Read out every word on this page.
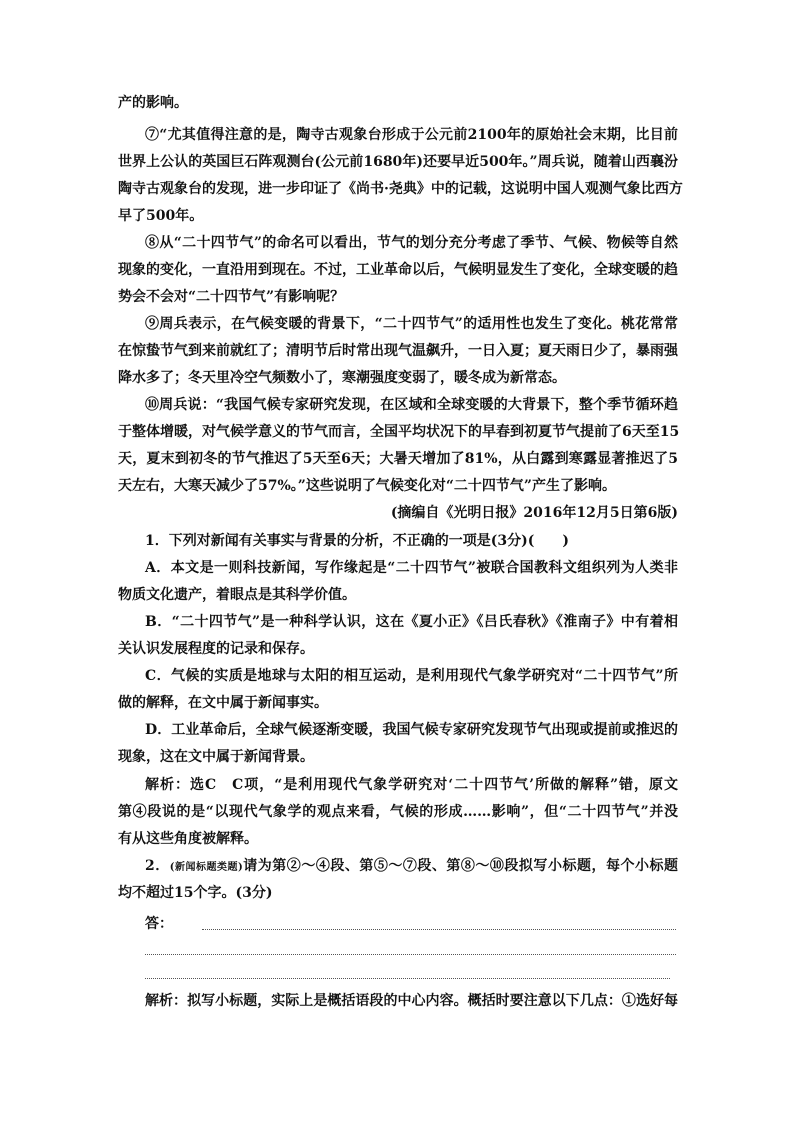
产的影响。
⑦“尤其值得注意的是，陶寺古观象台形成于公元前2100年的原始社会末期，比目前
世界上公认的英国巨石阵观测台(公元前1680年)还要早近500年。”周兵说，随着山西襄汾
陶寺古观象台的发现，进一步印证了《尚书·尧典》中的记载，这说明中国人观测气象比西方
早了500年。
⑧从“二十四节气”的命名可以看出，节气的划分充分考虑了季节、气候、物候等自然
现象的变化，一直沿用到现在。不过，工业革命以后，气候明显发生了变化，全球变暖的趋
势会不会对“二十四节气”有影响呢？
⑨周兵表示，在气候变暖的背景下，“二十四节气”的适用性也发生了变化。桃花常常
在惊蛰节气到来前就红了；清明节后时常出现气温飙升，一日入夏；夏天雨日少了，暴雨强
降水多了；冬天里冷空气频数小了，寒潮强度变弱了，暖冬成为新常态。
⑩周兵说：“我国气候专家研究发现，在区域和全球变暖的大背景下，整个季节循环趋
于整体增暖，对气候学意义的节气而言，全国平均状况下的早春到初夏节气提前了6天至15
天，夏末到初冬的节气推迟了5天至6天；大暑天增加了81%，从白露到寒露显著推迟了5
天左右，大寒天减少了57%。”这些说明了气候变化对“二十四节气”产生了影响。
1．下列对新闻有关事实与背景的分析，不正确的一项是(3分)(　　)
A．本文是一则科技新闻，写作缘起是“二十四节气”被联合国教科文组织列为人类非
物质文化遗产，着眼点是其科学价值。
B．“二十四节气”是一种科学认识，这在《夏小正》《吕氏春秋》《淮南子》中有着相
关认识发展程度的记录和保存。
C．气候的实质是地球与太阳的相互运动，是利用现代气象学研究对“二十四节气”所
做的解释，在文中属于新闻事实。
D．工业革命后，全球气候逐渐变暖，我国气候专家研究发现节气出现或提前或推迟的
现象，这在文中属于新闻背景。
解析：选C　C项，“是利用现代气象学研究对‘二十四节气’所做的解释”错，原文
第④段说的是“以现代气象学的观点来看，气候的形成……影响”，但“二十四节气”并没
有从这些角度被解释。
(摘编自《光明日报》2016年12月5日第6版)
2．(新闻标题类题)请为第②～④段、第⑤～⑦段、第⑧～⑩段拟写小标题，每个小标题
均不超过15个字。(3分)
答：
解析：拟写小标题，实际上是概括语段的中心内容。概括时要注意以下几点：①选好每
